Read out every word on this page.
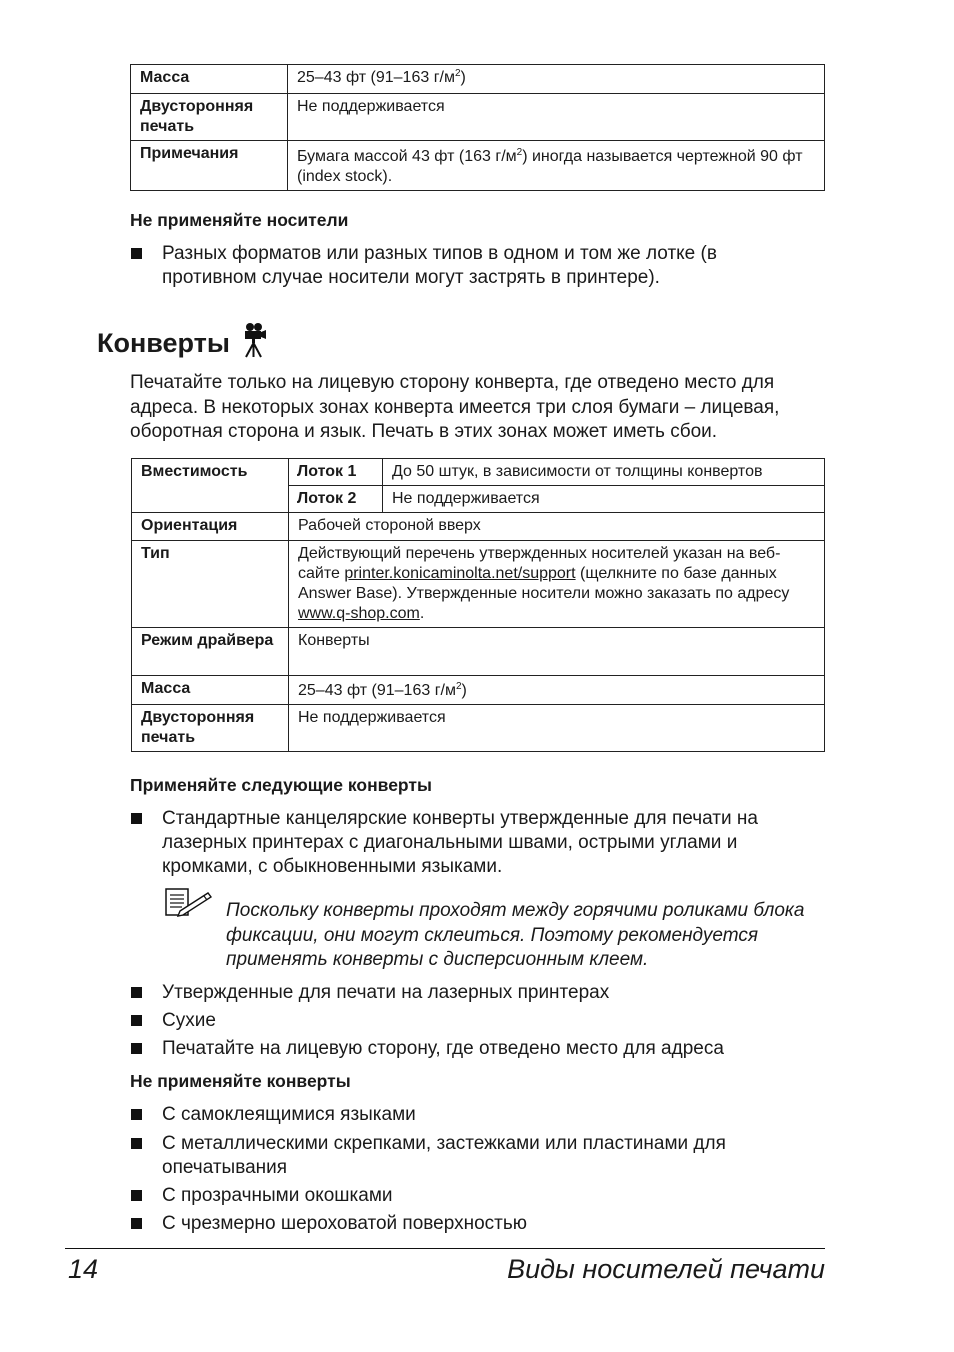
Масса	25–43 фт (91–163 $г/м^2$)
Двусторонняя печать	Не поддерживается
Примечания	Бумага массой 43 фт (163 $г/м^2$) иногда называется чертежной 90 фт (index stock).
Не применяйте носители
Разных форматов или разных типов в одном и том же лотке (в противном случае носители могут застрять в принтере).
Конверты
Печатайте только на лицевую сторону конверта, где отведено место для адреса. В некоторых зонах конверта имеется три слоя бумаги – лицевая, оборотная сторона и язык. Печать в этих зонах может иметь сбои.
Вместимость	Лоток 1	До 50 штук, в зависимости от толщины конвертов
	Лоток 2	Не поддерживается
Ориентация	Рабочей стороной вверх	
Тип	Действующий перечень утвержденных носителей указан на веб-сайте printer.konicaminolta.net/support (щелкните по базе данных Answer Base). Утвержденные носители можно заказать по адресу www.q-shop.com.	
Режим драйвера	Конверты	
Масса	25–43 фт (91–163 $г/м^2$)	
Двусторонняя печать	Не поддерживается	
Применяйте следующие конверты
Стандартные канцелярские конверты утвержденные для печати на лазерных принтерах с диагональными швами, острыми углами и кромками, с обыкновенными языками.
Поскольку конверты проходят между горячими роликами блока фиксации, они могут склеиться. Поэтому рекомендуется применять конверты с дисперсионным клеем.
Утвержденные для печати на лазерных принтерах
Сухие
Печатайте на лицевую сторону, где отведено место для адреса
Не применяйте конверты
С самоклеящимися языками
С металлическими скрепками, застежками или пластинами для опечатывания
С прозрачными окошками
С чрезмерно шероховатой поверхностью
14	Виды носителей печати
